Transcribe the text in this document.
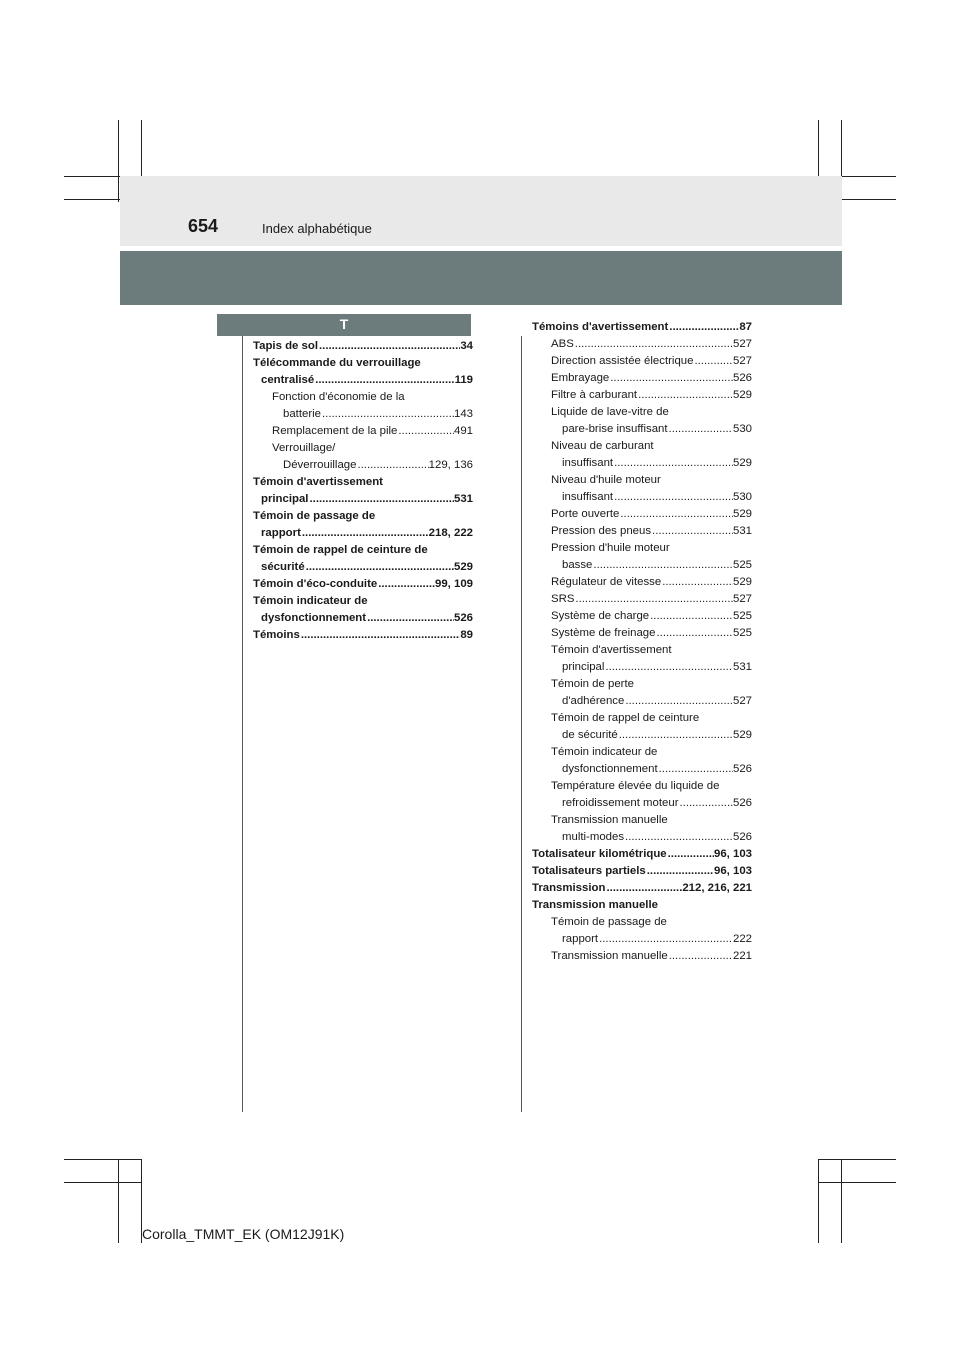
654	Index alphabétique
T
Tapis de sol .....	34
Télécommande du verrouillage
centralisé .....	119
Fonction d'économie de la
batterie .....	143
Remplacement de la pile .....	491
Verrouillage/
Déverrouillage .....	129, 136
Témoin d'avertissement
principal .....	531
Témoin de passage de
rapport .....	218, 222
Témoin de rappel de ceinture de
sécurité .....	529
Témoin d'éco-conduite .....	99, 109
Témoin indicateur de
dysfonctionnement .....	526
Témoins .....	89
Témoins d'avertissement .....	87
ABS .....	527
Direction assistée électrique .....	527
Embrayage .....	526
Filtre à carburant .....	529
Liquide de lave-vitre de
pare-brise insuffisant .....	530
Niveau de carburant
insuffisant .....	529
Niveau d'huile moteur
insuffisant .....	530
Porte ouverte .....	529
Pression des pneus .....	531
Pression d'huile moteur
basse .....	525
Régulateur de vitesse .....	529
SRS .....	527
Système de charge .....	525
Système de freinage .....	525
Témoin d'avertissement
principal .....	531
Témoin de perte
d'adhérence .....	527
Témoin de rappel de ceinture
de sécurité .....	529
Témoin indicateur de
dysfonctionnement .....	526
Température élevée du liquide de
refroidissement moteur .....	526
Transmission manuelle
multi-modes .....	526
Totalisateur kilométrique .....	96, 103
Totalisateurs partiels .....	96, 103
Transmission .....	212, 216, 221
Transmission manuelle
Témoin de passage de
rapport .....	222
Transmission manuelle .....	221
Corolla_TMMT_EK (OM12J91K)
